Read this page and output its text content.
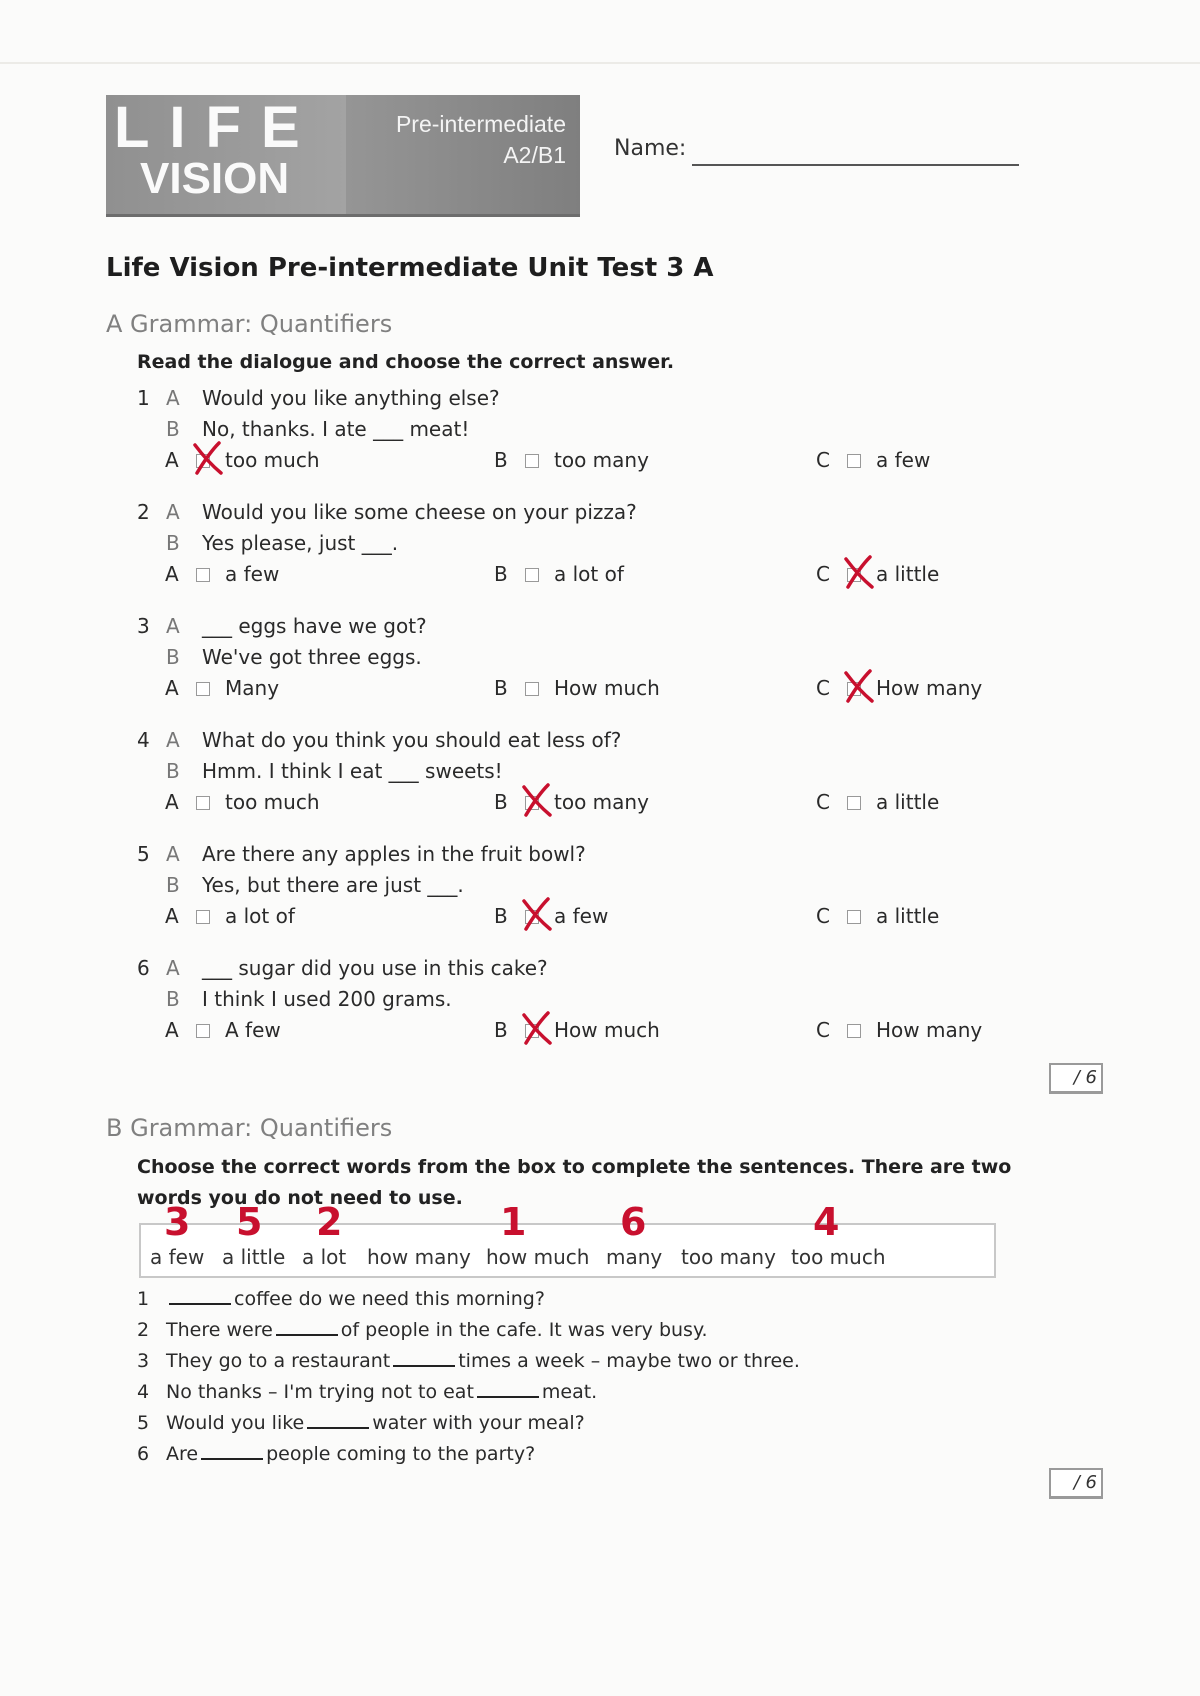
LIFE
VISION
Pre-intermediate
A2/B1 Name:
Life Vision Pre-intermediate Unit Test 3 A
A Grammar: Quantifiers
Read the dialogue and choose the correct answer.
1 A Would you like anything else?
B No, thanks. I ate ___ meat!
A too much	B too many	C a few
2 A Would you like some cheese on your pizza?
B Yes please, just ___.
A a few	B a lot of	C a little
3 A ___ eggs have we got?
B We've got three eggs.
A Many	B How much	C How many
4 A What do you think you should eat less of?
B Hmm. I think I eat ___ sweets!
A too much	B too many	C a little
5 A Are there any apples in the fruit bowl?
B Yes, but there are just ___.
A a lot of	B a few	C a little
6 A ___ sugar did you use in this cake?
B I think I used 200 grams.
A A few	B How much	C How many
/ 6
B Grammar: Quantifiers
Choose the correct words from the box to complete the sentences. There are two words you do not need to use.
a few
3
a little
5
a lot
2
how many how much
1
many
6
too many too much
4
1	coffee do we need this morning?
2 There were	of people in the cafe. It was very busy.
3 They go to a restaurant	times a week – maybe two or three.
4 No thanks – I'm trying not to eat	meat.
5 Would you like	water with your meal?
6 Are	people coming to the party?
/ 6
